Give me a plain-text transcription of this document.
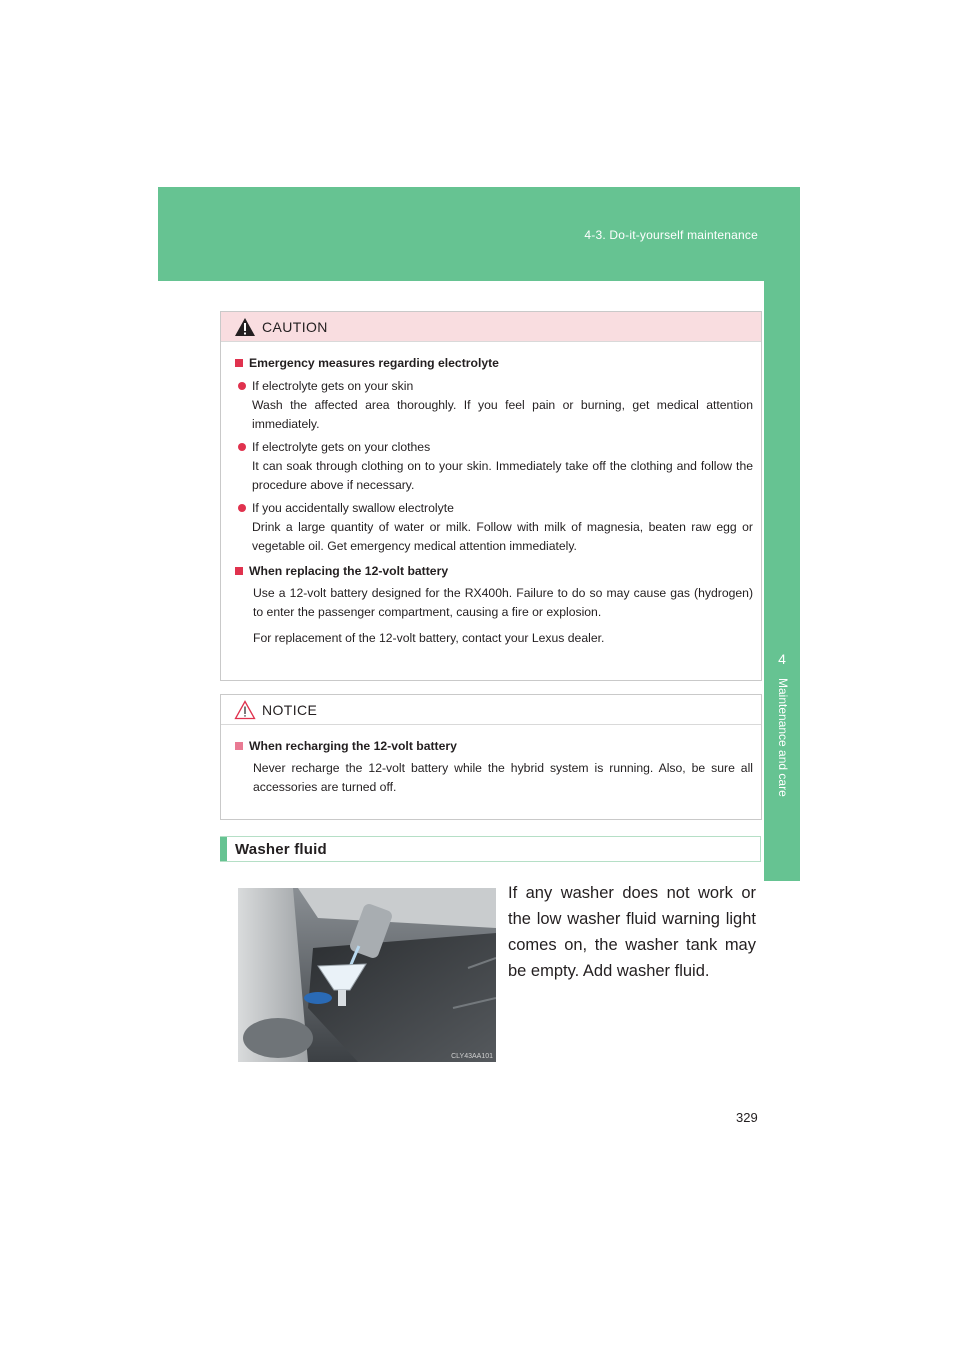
4-3. Do-it-yourself maintenance
4
Maintenance and care
CAUTION
Emergency measures regarding electrolyte
If electrolyte gets on your skin
Wash the affected area thoroughly. If you feel pain or burning, get medical attention immediately.
If electrolyte gets on your clothes
It can soak through clothing on to your skin. Immediately take off the clothing and follow the procedure above if necessary.
If you accidentally swallow electrolyte
Drink a large quantity of water or milk. Follow with milk of magnesia, beaten raw egg or vegetable oil. Get emergency medical attention immediately.
When replacing the 12-volt battery
Use a 12-volt battery designed for the RX400h. Failure to do so may cause gas (hydrogen) to enter the passenger compartment, causing a fire or explosion.
For replacement of the 12-volt battery, contact your Lexus dealer.
NOTICE
When recharging the 12-volt battery
Never recharge the 12-volt battery while the hybrid system is running. Also, be sure all accessories are turned off.
Washer fluid
CLY43AA101
If any washer does not work or the low washer fluid warning light comes on, the washer tank may be empty. Add washer fluid.
329
